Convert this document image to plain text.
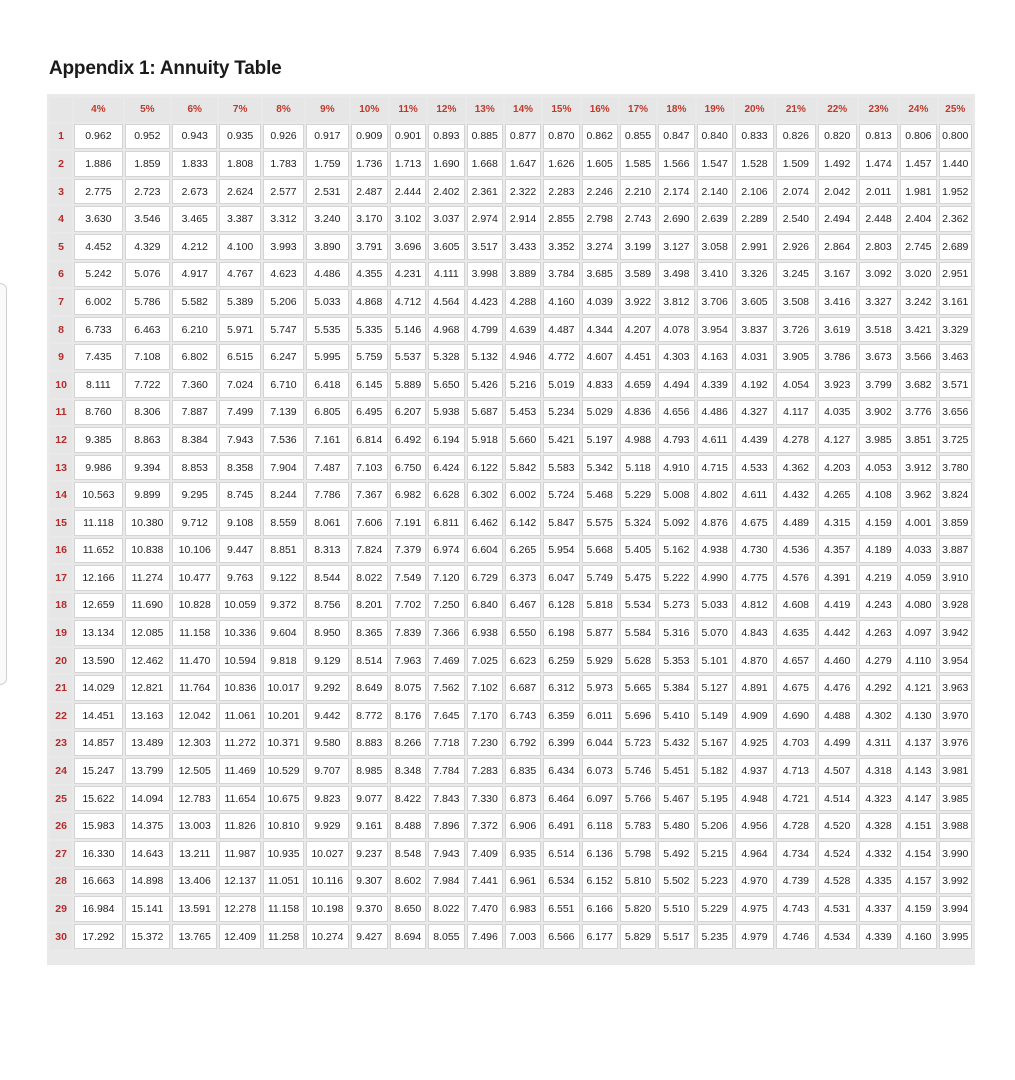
Appendix 1: Annuity Table
	4%	5%	6%	7%	8%	9%	10%	11%	12%	13%	14%	15%	16%	17%	18%	19%	20%	21%	22%	23%	24%	25%
1	0.962	0.952	0.943	0.935	0.926	0.917	0.909	0.901	0.893	0.885	0.877	0.870	0.862	0.855	0.847	0.840	0.833	0.826	0.820	0.813	0.806	0.800
2	1.886	1.859	1.833	1.808	1.783	1.759	1.736	1.713	1.690	1.668	1.647	1.626	1.605	1.585	1.566	1.547	1.528	1.509	1.492	1.474	1.457	1.440
3	2.775	2.723	2.673	2.624	2.577	2.531	2.487	2.444	2.402	2.361	2.322	2.283	2.246	2.210	2.174	2.140	2.106	2.074	2.042	2.011	1.981	1.952
4	3.630	3.546	3.465	3.387	3.312	3.240	3.170	3.102	3.037	2.974	2.914	2.855	2.798	2.743	2.690	2.639	2.289	2.540	2.494	2.448	2.404	2.362
5	4.452	4.329	4.212	4.100	3.993	3.890	3.791	3.696	3.605	3.517	3.433	3.352	3.274	3.199	3.127	3.058	2.991	2.926	2.864	2.803	2.745	2.689
6	5.242	5.076	4.917	4.767	4.623	4.486	4.355	4.231	4.111	3.998	3.889	3.784	3.685	3.589	3.498	3.410	3.326	3.245	3.167	3.092	3.020	2.951
7	6.002	5.786	5.582	5.389	5.206	5.033	4.868	4.712	4.564	4.423	4.288	4.160	4.039	3.922	3.812	3.706	3.605	3.508	3.416	3.327	3.242	3.161
8	6.733	6.463	6.210	5.971	5.747	5.535	5.335	5.146	4.968	4.799	4.639	4.487	4.344	4.207	4.078	3.954	3.837	3.726	3.619	3.518	3.421	3.329
9	7.435	7.108	6.802	6.515	6.247	5.995	5.759	5.537	5.328	5.132	4.946	4.772	4.607	4.451	4.303	4.163	4.031	3.905	3.786	3.673	3.566	3.463
10	8.111	7.722	7.360	7.024	6.710	6.418	6.145	5.889	5.650	5.426	5.216	5.019	4.833	4.659	4.494	4.339	4.192	4.054	3.923	3.799	3.682	3.571
11	8.760	8.306	7.887	7.499	7.139	6.805	6.495	6.207	5.938	5.687	5.453	5.234	5.029	4.836	4.656	4.486	4.327	4.117	4.035	3.902	3.776	3.656
12	9.385	8.863	8.384	7.943	7.536	7.161	6.814	6.492	6.194	5.918	5.660	5.421	5.197	4.988	4.793	4.611	4.439	4.278	4.127	3.985	3.851	3.725
13	9.986	9.394	8.853	8.358	7.904	7.487	7.103	6.750	6.424	6.122	5.842	5.583	5.342	5.118	4.910	4.715	4.533	4.362	4.203	4.053	3.912	3.780
14	10.563	9.899	9.295	8.745	8.244	7.786	7.367	6.982	6.628	6.302	6.002	5.724	5.468	5.229	5.008	4.802	4.611	4.432	4.265	4.108	3.962	3.824
15	11.118	10.380	9.712	9.108	8.559	8.061	7.606	7.191	6.811	6.462	6.142	5.847	5.575	5.324	5.092	4.876	4.675	4.489	4.315	4.159	4.001	3.859
16	11.652	10.838	10.106	9.447	8.851	8.313	7.824	7.379	6.974	6.604	6.265	5.954	5.668	5.405	5.162	4.938	4.730	4.536	4.357	4.189	4.033	3.887
17	12.166	11.274	10.477	9.763	9.122	8.544	8.022	7.549	7.120	6.729	6.373	6.047	5.749	5.475	5.222	4.990	4.775	4.576	4.391	4.219	4.059	3.910
18	12.659	11.690	10.828	10.059	9.372	8.756	8.201	7.702	7.250	6.840	6.467	6.128	5.818	5.534	5.273	5.033	4.812	4.608	4.419	4.243	4.080	3.928
19	13.134	12.085	11.158	10.336	9.604	8.950	8.365	7.839	7.366	6.938	6.550	6.198	5.877	5.584	5.316	5.070	4.843	4.635	4.442	4.263	4.097	3.942
20	13.590	12.462	11.470	10.594	9.818	9.129	8.514	7.963	7.469	7.025	6.623	6.259	5.929	5.628	5.353	5.101	4.870	4.657	4.460	4.279	4.110	3.954
21	14.029	12.821	11.764	10.836	10.017	9.292	8.649	8.075	7.562	7.102	6.687	6.312	5.973	5.665	5.384	5.127	4.891	4.675	4.476	4.292	4.121	3.963
22	14.451	13.163	12.042	11.061	10.201	9.442	8.772	8.176	7.645	7.170	6.743	6.359	6.011	5.696	5.410	5.149	4.909	4.690	4.488	4.302	4.130	3.970
23	14.857	13.489	12.303	11.272	10.371	9.580	8.883	8.266	7.718	7.230	6.792	6.399	6.044	5.723	5.432	5.167	4.925	4.703	4.499	4.311	4.137	3.976
24	15.247	13.799	12.505	11.469	10.529	9.707	8.985	8.348	7.784	7.283	6.835	6.434	6.073	5.746	5.451	5.182	4.937	4.713	4.507	4.318	4.143	3.981
25	15.622	14.094	12.783	11.654	10.675	9.823	9.077	8.422	7.843	7.330	6.873	6.464	6.097	5.766	5.467	5.195	4.948	4.721	4.514	4.323	4.147	3.985
26	15.983	14.375	13.003	11.826	10.810	9.929	9.161	8.488	7.896	7.372	6.906	6.491	6.118	5.783	5.480	5.206	4.956	4.728	4.520	4.328	4.151	3.988
27	16.330	14.643	13.211	11.987	10.935	10.027	9.237	8.548	7.943	7.409	6.935	6.514	6.136	5.798	5.492	5.215	4.964	4.734	4.524	4.332	4.154	3.990
28	16.663	14.898	13.406	12.137	11.051	10.116	9.307	8.602	7.984	7.441	6.961	6.534	6.152	5.810	5.502	5.223	4.970	4.739	4.528	4.335	4.157	3.992
29	16.984	15.141	13.591	12.278	11.158	10.198	9.370	8.650	8.022	7.470	6.983	6.551	6.166	5.820	5.510	5.229	4.975	4.743	4.531	4.337	4.159	3.994
30	17.292	15.372	13.765	12.409	11.258	10.274	9.427	8.694	8.055	7.496	7.003	6.566	6.177	5.829	5.517	5.235	4.979	4.746	4.534	4.339	4.160	3.995
